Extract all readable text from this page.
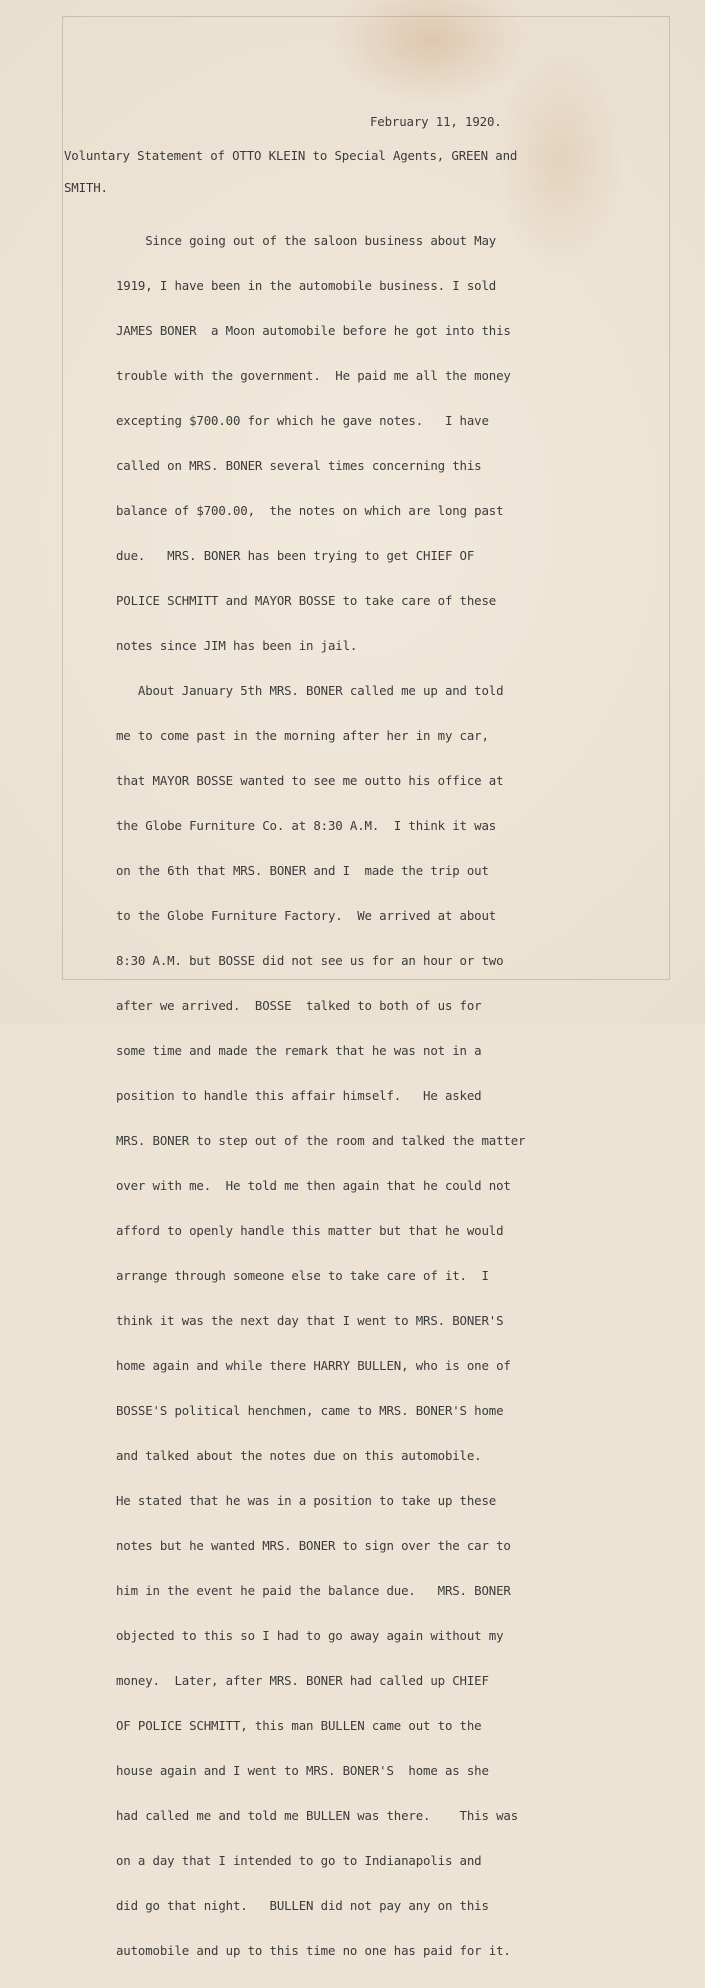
February 11, 1920.

Voluntary Statement of OTTO KLEIN to Special Agents, GREEN and

SMITH.

Since going out of the saloon business about May

1919, I have been in the automobile business. I sold

JAMES BONER  a Moon automobile before he got into this

trouble with the government.  He paid me all the money

excepting $700.00 for which he gave notes.   I have

called on MRS. BONER several times concerning this

balance of $700.00,  the notes on which are long past

due.   MRS. BONER has been trying to get CHIEF OF

POLICE SCHMITT and MAYOR BOSSE to take care of these

notes since JIM has been in jail.

About January 5th MRS. BONER called me up and told

me to come past in the morning after her in my car,

that MAYOR BOSSE wanted to see me outto his office at

the Globe Furniture Co. at 8:30 A.M.  I think it was

on the 6th that MRS. BONER and I  made the trip out

to the Globe Furniture Factory.  We arrived at about

8:30 A.M. but BOSSE did not see us for an hour or two

after we arrived.  BOSSE  talked to both of us for

some time and made the remark that he was not in a

position to handle this affair himself.   He asked

MRS. BONER to step out of the room and talked the matter

over with me.  He told me then again that he could not

afford to openly handle this matter but that he would

arrange through someone else to take care of it.  I

think it was the next day that I went to MRS. BONER'S

home again and while there HARRY BULLEN, who is one of

BOSSE'S political henchmen, came to MRS. BONER'S home

and talked about the notes due on this automobile.

He stated that he was in a position to take up these

notes but he wanted MRS. BONER to sign over the car to

him in the event he paid the balance due.   MRS. BONER

objected to this so I had to go away again without my

money.  Later, after MRS. BONER had called up CHIEF

OF POLICE SCHMITT, this man BULLEN came out to the

house again and I went to MRS. BONER'S  home as she

had called me and told me BULLEN was there.    This was

on a day that I intended to go to Indianapolis and

did go that night.   BULLEN did not pay any on this

automobile and up to this time no one has paid for it.
